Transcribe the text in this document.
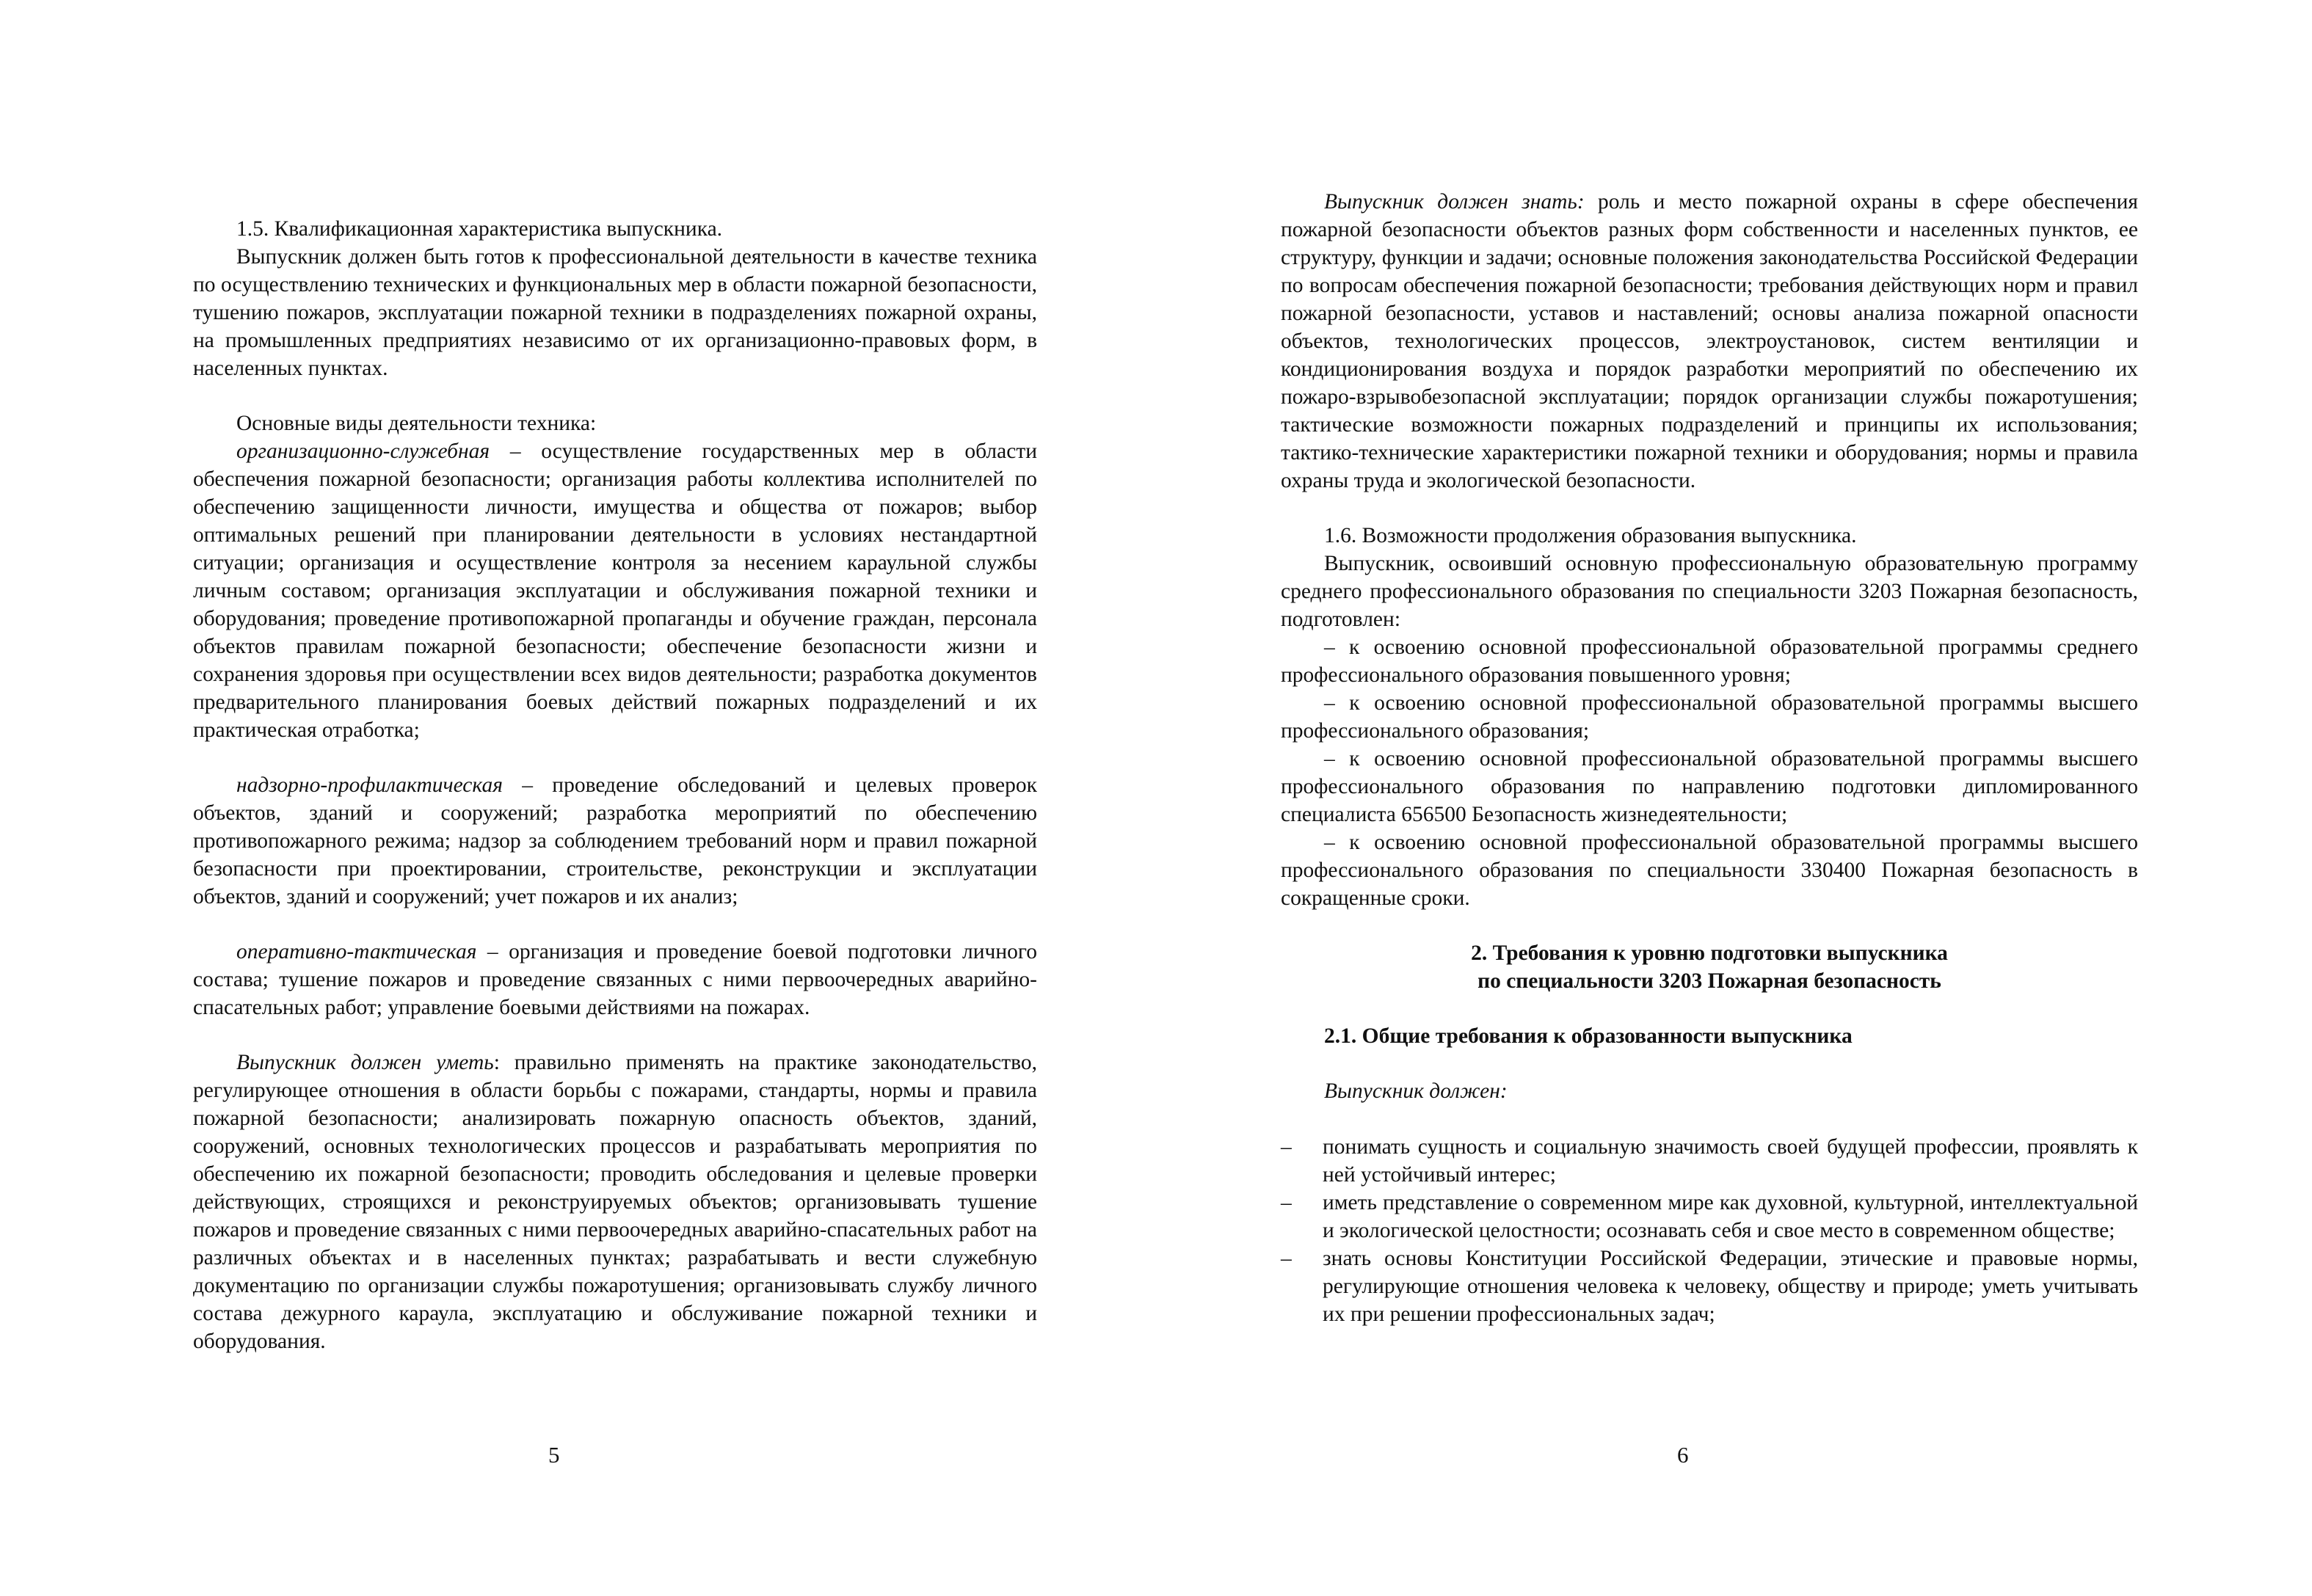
1.5. Квалификационная характеристика выпускника.

Выпускник должен быть готов к профессиональной деятельности в качестве техника по осуществлению технических и функциональных мер в области пожарной безопасности, тушению пожаров, эксплуатации пожарной техники в подразделениях пожарной охраны, на промышленных предприятиях независимо от их организационно-правовых форм, в населенных пунктах.

Основные виды деятельности техника:

организационно-служебная – осуществление государственных мер в области обеспечения пожарной безопасности; организация работы коллектива исполнителей по обеспечению защищенности личности, имущества и общества от пожаров; выбор оптимальных решений при планировании деятельности в условиях нестандартной ситуации; организация и осуществление контроля за несением караульной службы личным составом; организация эксплуатации и обслуживания пожарной техники и оборудования; проведение противопожарной пропаганды и обучение граждан, персонала объектов правилам пожарной безопасности; обеспечение безопасности жизни и сохранения здоровья при осуществлении всех видов деятельности; разработка документов предварительного планирования боевых действий пожарных подразделений и их практическая отработка;

надзорно-профилактическая – проведение обследований и целевых проверок объектов, зданий и сооружений; разработка мероприятий по обеспечению противопожарного режима; надзор за соблюдением требований норм и правил пожарной безопасности при проектировании, строительстве, реконструкции и эксплуатации объектов, зданий и сооружений; учет пожаров и их анализ;

оперативно-тактическая – организация и проведение боевой подготовки личного состава; тушение пожаров и проведение связанных с ними первоочередных аварийно-спасательных работ; управление боевыми действиями на пожарах.

Выпускник должен уметь: правильно применять на практике законодательство, регулирующее отношения в области борьбы с пожарами, стандарты, нормы и правила пожарной безопасности; анализировать пожарную опасность объектов, зданий, сооружений, основных технологических процессов и разрабатывать мероприятия по обеспечению их пожарной безопасности; проводить обследования и целевые проверки действующих, строящихся и реконструируемых объектов; организовывать тушение пожаров и проведение связанных с ними первоочередных аварийно-спасательных работ на различных объектах и в населенных пунктах; разрабатывать и вести служебную документацию по организации службы пожаротушения; организовывать службу личного состава дежурного караула, эксплуатацию и обслуживание пожарной техники и оборудования.

5

Выпускник должен знать: роль и место пожарной охраны в сфере обеспечения пожарной безопасности объектов разных форм собственности и населенных пунктов, ее структуру, функции и задачи; основные положения законодательства Российской Федерации по вопросам обеспечения пожарной безопасности; требования действующих норм и правил пожарной безопасности, уставов и наставлений; основы анализа пожарной опасности объектов, технологических процессов, электроустановок, систем вентиляции и кондиционирования воздуха и порядок разработки мероприятий по обеспечению их пожаро-взрывобезопасной эксплуатации; порядок организации службы пожаротушения; тактические возможности пожарных подразделений и принципы их использования; тактико-технические характеристики пожарной техники и оборудования; нормы и правила охраны труда и экологической безопасности.

1.6. Возможности продолжения образования выпускника.

Выпускник, освоивший основную профессиональную образовательную программу среднего профессионального образования по специальности 3203 Пожарная безопасность, подготовлен:

– к освоению основной профессиональной образовательной программы среднего профессионального образования повышенного уровня;

– к освоению основной профессиональной образовательной программы высшего профессионального образования;

– к освоению основной профессиональной образовательной программы высшего профессионального образования по направлению подготовки дипломированного специалиста 656500 Безопасность жизнедеятельности;

– к освоению основной профессиональной образовательной программы высшего профессионального образования по специальности 330400 Пожарная безопасность в сокращенные сроки.

2. Требования к уровню подготовки выпускника

по специальности 3203 Пожарная безопасность

2.1. Общие требования к образованности выпускника

Выпускник должен:

–	понимать сущность и социальную значимость своей будущей профессии, проявлять к ней устойчивый интерес;
–	иметь представление о современном мире как духовной, культурной, интеллектуальной и экологической целостности; осознавать себя и свое место в современном обществе;
–	знать основы Конституции Российской Федерации, этические и правовые нормы, регулирующие отношения человека к человеку, обществу и природе; уметь учитывать их при решении профессиональных задач;
6
